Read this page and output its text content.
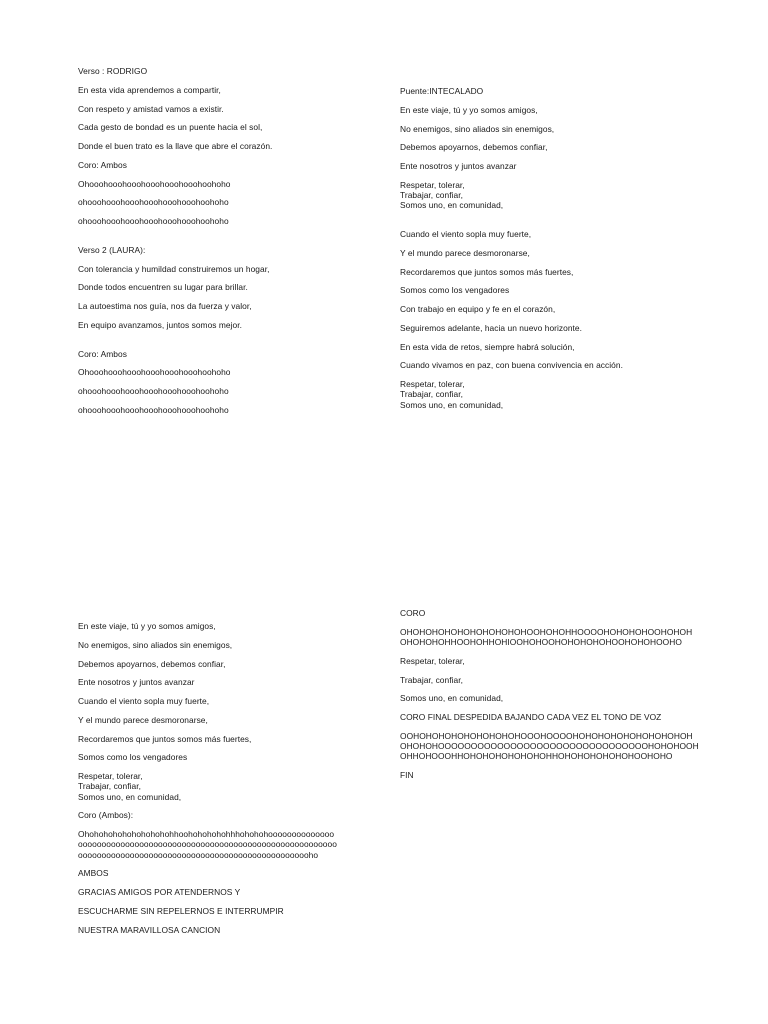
Verso : RODRIGO

En esta vida aprendemos a compartir,

Con respeto y amistad vamos a existir.

Cada gesto de bondad es un puente hacia el sol,

Donde el buen trato es la llave que abre el corazón.

Coro: Ambos

Ohooohooohooohooohooohooohoohoho

ohooohooohooohooohooohooohoohoho

ohooohooohooohooohooohooohoohoho

Verso 2 (LAURA):

Con tolerancia y humildad construiremos un hogar,

Donde todos encuentren su lugar para brillar.

La autoestima nos guía, nos da fuerza y valor,

En equipo avanzamos, juntos somos mejor.

Coro: Ambos

Ohooohooohooohooohooohooohoohoho

ohooohooohooohooohooohooohoohoho

ohooohooohooohooohooohooohoohoho

Puente:INTECALADO

En este viaje, tú y yo somos amigos,

No enemigos, sino aliados sin enemigos,

Debemos apoyarnos, debemos confiar,

Ente nosotros y juntos avanzar

Respetar, tolerar,

Trabajar, confiar,

Somos uno, en comunidad,

Cuando el viento sopla muy fuerte,

Y el mundo parece desmoronarse,

Recordaremos que juntos somos más fuertes,

Somos como los vengadores

Con trabajo en equipo y fe en el corazón,

Seguiremos adelante, hacia un nuevo horizonte.

En esta vida de retos, siempre habrá solución,

Cuando vivamos en paz, con buena convivencia en acción.

Respetar, tolerar,

Trabajar, confiar,

Somos uno, en comunidad,

En este viaje, tú y yo somos amigos,

No enemigos, sino aliados sin enemigos,

Debemos apoyarnos, debemos confiar,

Ente nosotros y juntos avanzar

Cuando el viento sopla muy fuerte,

Y el mundo parece desmoronarse,

Recordaremos que juntos somos más fuertes,

Somos como los vengadores

Respetar, tolerar,

Trabajar, confiar,

Somos uno, en comunidad,

Coro (Ambos):

Ohohohohohohohohohohhoohohohohohhhohohohoooooooooooooo

ooooooooooooooooooooooooooooooooooooooooooooooooooooooo

oooooooooooooooooooooooooooooooooooooooooooooooooho

AMBOS

GRACIAS AMIGOS POR ATENDERNOS Y

ESCUCHARME SIN REPELERNOS E INTERRUMPIR

NUESTRA MARAVILLOSA CANCION

CORO

OHOHOHOHOHOHOHOHOHOHOOHOHOHHOOOOHOHOHOHOOHOHOH

OHOHOHOHHOOHOHHOHIOOHOHOOHOHOHOHOHOOHOHOHOOHO

Respetar, tolerar,

Trabajar, confiar,

Somos uno, en comunidad,

CORO FINAL DESPEDIDA BAJANDO CADA VEZ EL TONO DE VOZ

OOHOHOHOHOHOHOHOHOHOOOHOOOOHOHOHOHOHOHOHOHOHOH

OHOHOHOOOOOOOOOOOOOOOOOOOOOOOOOOOOOOOOHOHOHOOH

OHHOHOOOHHOHOHOHOHOHOHOHHOHOHOHOHOHOHOOHOHO

FIN
